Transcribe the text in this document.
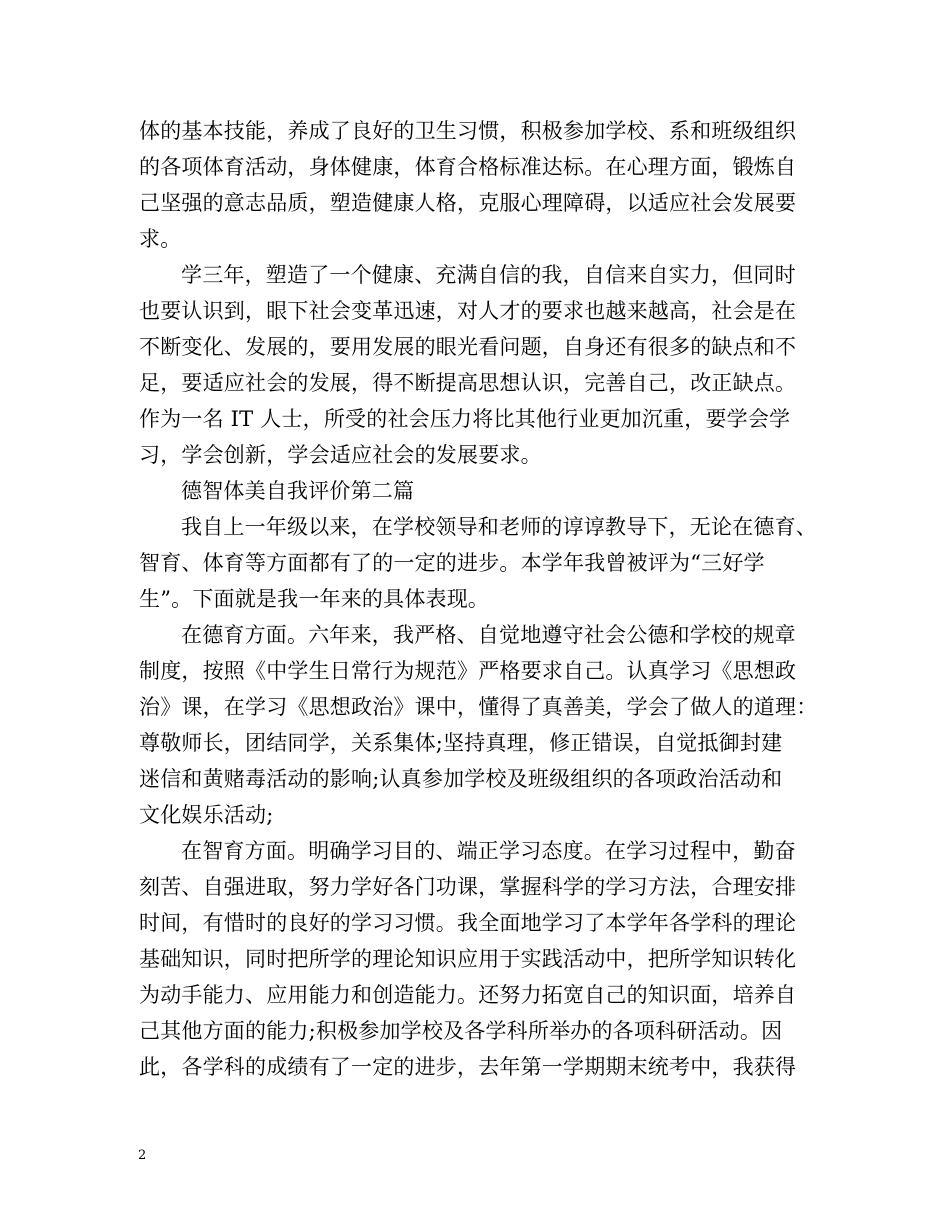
体的基本技能，养成了良好的卫生习惯，积极参加学校、系和班级组织
的各项体育活动，身体健康，体育合格标准达标。在心理方面，锻炼自
己坚强的意志品质，塑造健康人格，克服心理障碍，以适应社会发展要
求。
学三年，塑造了一个健康、充满自信的我，自信来自实力，但同时
也要认识到，眼下社会变革迅速，对人才的要求也越来越高，社会是在
不断变化、发展的，要用发展的眼光看问题，自身还有很多的缺点和不
足，要适应社会的发展，得不断提高思想认识，完善自己，改正缺点。
作为一名 IT 人士，所受的社会压力将比其他行业更加沉重，要学会学
习，学会创新，学会适应社会的发展要求。
德智体美自我评价第二篇
我自上一年级以来，在学校领导和老师的谆谆教导下，无论在德育、
智育、体育等方面都有了的一定的进步。本学年我曾被评为“三好学
生”。下面就是我一年来的具体表现。
在德育方面。六年来，我严格、自觉地遵守社会公德和学校的规章
制度，按照《中学生日常行为规范》严格要求自己。认真学习《思想政
治》课，在学习《思想政治》课中，懂得了真善美，学会了做人的道理：
尊敬师长，团结同学，关系集体;坚持真理，修正错误，自觉抵御封建
迷信和黄赌毒活动的影响;认真参加学校及班级组织的各项政治活动和
文化娱乐活动;
在智育方面。明确学习目的、端正学习态度。在学习过程中，勤奋
刻苦、自强进取，努力学好各门功课，掌握科学的学习方法，合理安排
时间，有惜时的良好的学习习惯。我全面地学习了本学年各学科的理论
基础知识，同时把所学的理论知识应用于实践活动中，把所学知识转化
为动手能力、应用能力和创造能力。还努力拓宽自己的知识面，培养自
己其他方面的能力;积极参加学校及各学科所举办的各项科研活动。因
此，各学科的成绩有了一定的进步，去年第一学期期末统考中，我获得
2
